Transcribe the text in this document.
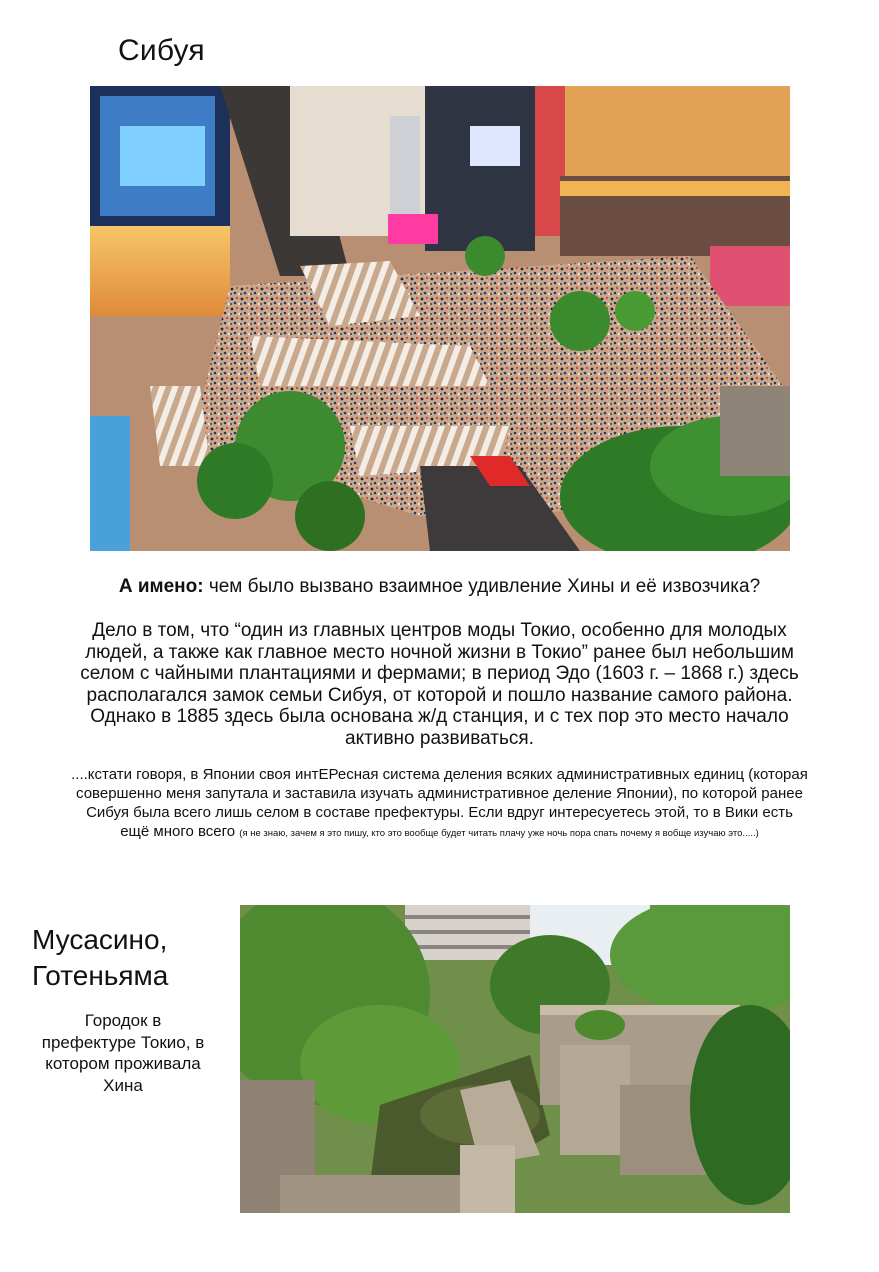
Сибуя
А имено: чем было вызвано взаимное удивление Хины и её извозчика?
Дело в том, что “один из главных центров моды Токио, особенно для молодых людей, а также как главное место ночной жизни в Токио” ранее был небольшим селом с чайными плантациями и фермами; в период Эдо (1603 г. – 1868 г.) здесь располагался замок семьи Сибуя, от которой и пошло название самого района. Однако в 1885 здесь была основана ж/д станция, и с тех пор это место начало активно развиваться.
....кстати говоря, в Японии своя интЕРесная система деления всяких административных единиц (которая совершенно меня запутала и заставила изучать административное деление Японии), по которой ранее Сибуя была всего лишь селом в составе префектуры. Если вдруг интересуетесь этой, то в Вики есть ещё много всего (я не знаю, зачем я это пишу, кто это вообще будет читать плачу уже ночь пора спать почему я вобще изучаю это.....)
Мусасино,
Готеньяма
Городок в префектуре Токио, в котором проживала Хина
